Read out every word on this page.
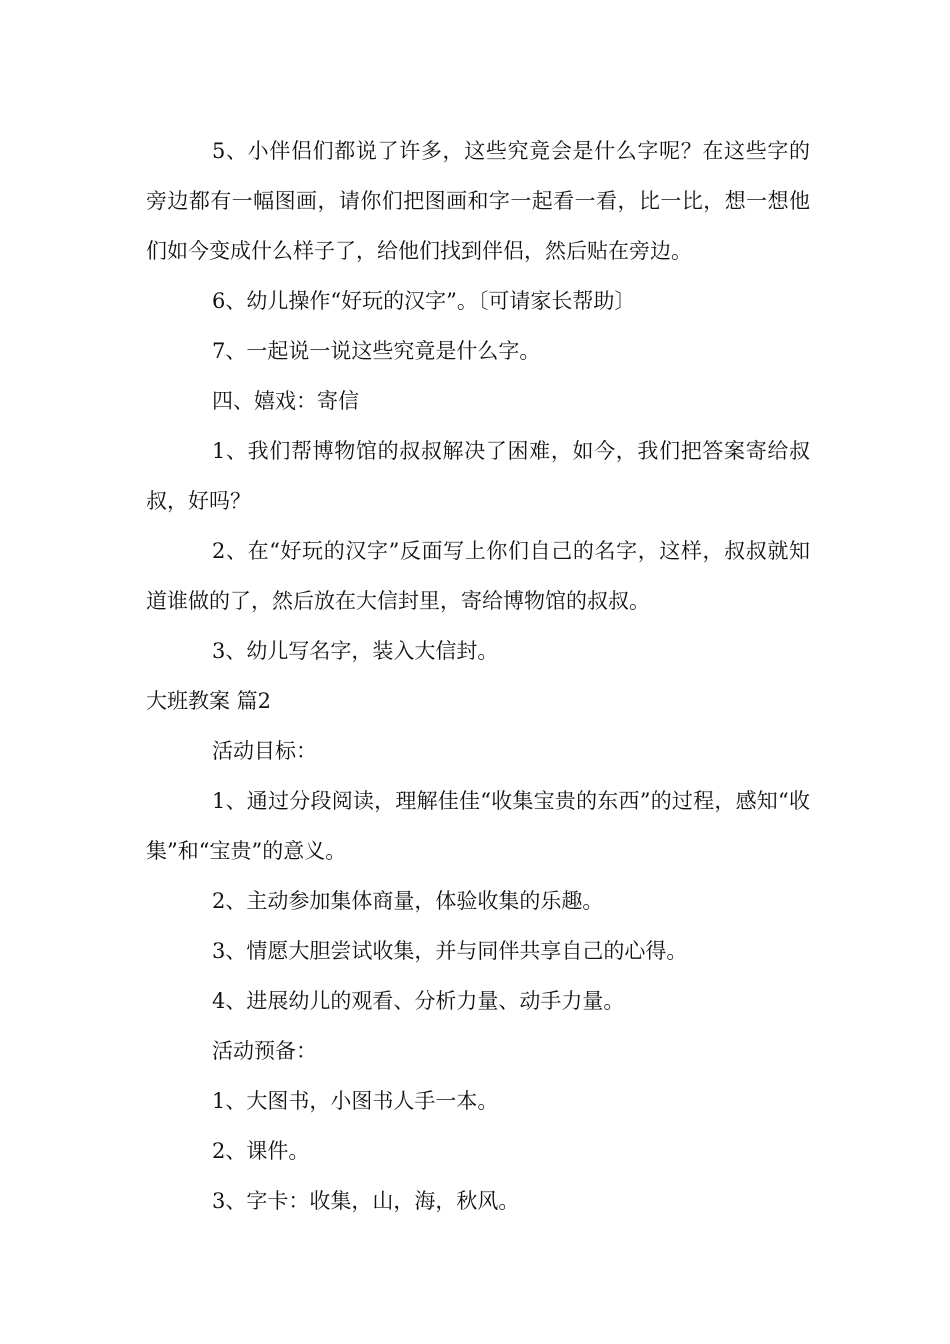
5、小伴侣们都说了许多，这些究竟会是什么字呢？在这些字的旁边都有一幅图画，请你们把图画和字一起看一看，比一比，想一想他们如今变成什么样子了，给他们找到伴侣，然后贴在旁边。

6、幼儿操作“好玩的汉字”。〔可请家长帮助〕

7、一起说一说这些究竟是什么字。

四、嬉戏：寄信

1、我们帮博物馆的叔叔解决了困难，如今，我们把答案寄给叔叔，好吗？

2、在“好玩的汉字”反面写上你们自己的名字，这样，叔叔就知道谁做的了，然后放在大信封里，寄给博物馆的叔叔。

3、幼儿写名字，装入大信封。

大班教案 篇2

活动目标：

1、通过分段阅读，理解佳佳“收集宝贵的东西”的过程，感知“收集”和“宝贵”的意义。

2、主动参加集体商量，体验收集的乐趣。

3、情愿大胆尝试收集，并与同伴共享自己的心得。

4、进展幼儿的观看、分析力量、动手力量。

活动预备：

1、大图书，小图书人手一本。

2、课件。

3、字卡：收集，山，海，秋风。
